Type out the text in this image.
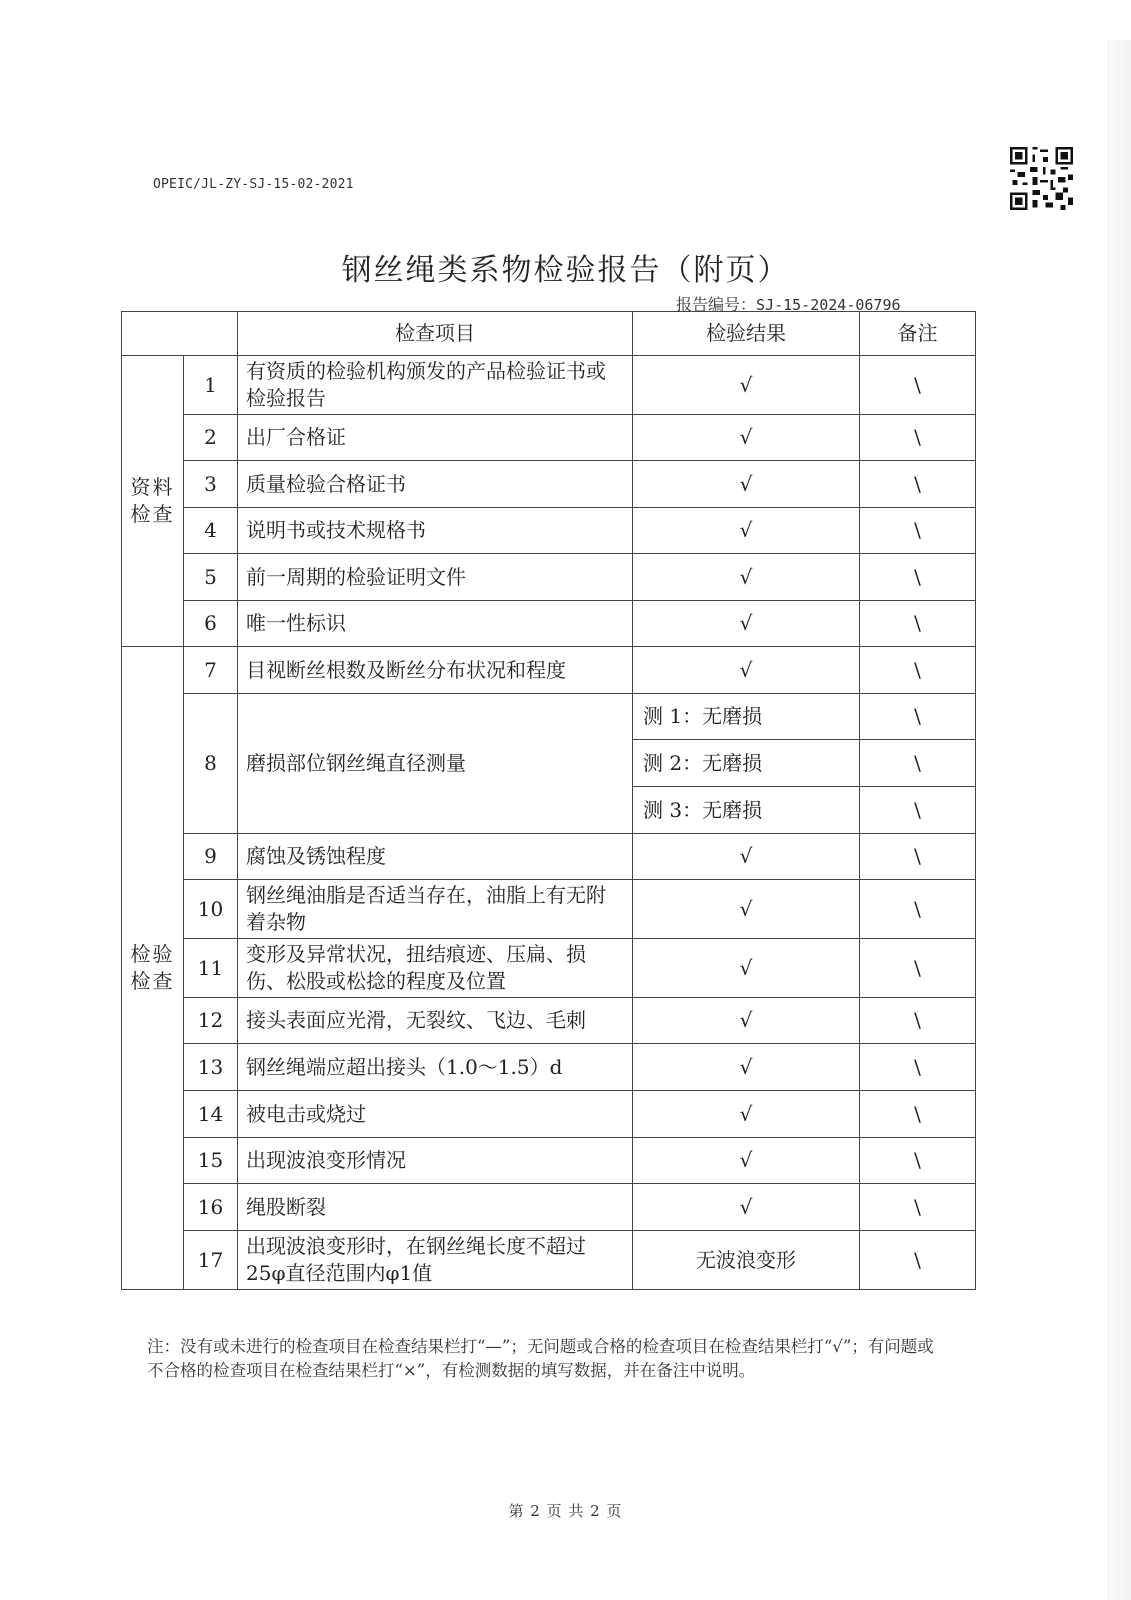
OPEIC/JL-ZY-SJ-15-02-2021
钢丝绳类系物检验报告（附页）
报告编号：SJ-15-2024-06796
		检查项目	检验结果	备注
资料检查	1	有资质的检验机构颁发的产品检验证书或检验报告	√	\
	2	出厂合格证	√	\
	3	质量检验合格证书	√	\
	4	说明书或技术规格书	√	\
	5	前一周期的检验证明文件	√	\
	6	唯一性标识	√	\
检验检查	7	目视断丝根数及断丝分布状况和程度	√	\
	8	磨损部位钢丝绳直径测量	测 1：无磨损	\
			测 2：无磨损	\
			测 3：无磨损	\
	9	腐蚀及锈蚀程度	√	\
	10	钢丝绳油脂是否适当存在，油脂上有无附着杂物	√	\
	11	变形及异常状况，扭结痕迹、压扁、损伤、松股或松捻的程度及位置	√	\
	12	接头表面应光滑，无裂纹、飞边、毛刺	√	\
	13	钢丝绳端应超出接头（1.0～1.5）d	√	\
	14	被电击或烧过	√	\
	15	出现波浪变形情况	√	\
	16	绳股断裂	√	\
	17	出现波浪变形时，在钢丝绳长度不超过25φ直径范围内φ1值	无波浪变形	\
注：没有或未进行的检查项目在检查结果栏打“—”；无问题或合格的检查项目在检查结果栏打“√”；有问题或不合格的检查项目在检查结果栏打“×”，有检测数据的填写数据，并在备注中说明。
第 2 页 共 2 页
